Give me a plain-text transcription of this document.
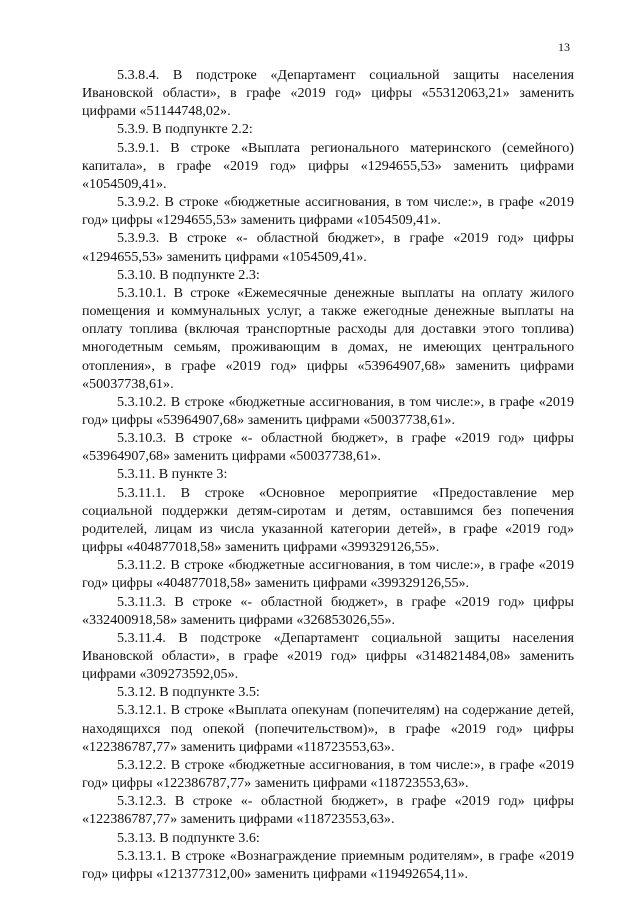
13

5.3.8.4. В подстроке «Департамент социальной защиты населения Ивановской области», в графе «2019 год» цифры «55312063,21» заменить цифрами «51144748,02».

5.3.9. В подпункте 2.2:

5.3.9.1. В строке «Выплата регионального материнского (семейного) капитала», в графе «2019 год» цифры «1294655,53» заменить цифрами «1054509,41».

5.3.9.2. В строке «бюджетные ассигнования, в том числе:», в графе «2019 год» цифры «1294655,53» заменить цифрами «1054509,41».

5.3.9.3. В строке «- областной бюджет», в графе «2019 год» цифры «1294655,53» заменить цифрами «1054509,41».

5.3.10. В подпункте 2.3:

5.3.10.1. В строке «Ежемесячные денежные выплаты на оплату жилого помещения и коммунальных услуг, а также ежегодные денежные выплаты на оплату топлива (включая транспортные расходы для доставки этого топлива) многодетным семьям, проживающим в домах, не имеющих центрального отопления», в графе «2019 год» цифры «53964907,68» заменить цифрами «50037738,61».

5.3.10.2. В строке «бюджетные ассигнования, в том числе:», в графе «2019 год» цифры «53964907,68» заменить цифрами «50037738,61».

5.3.10.3. В строке «- областной бюджет», в графе «2019 год» цифры «53964907,68» заменить цифрами «50037738,61».

5.3.11. В пункте 3:

5.3.11.1. В строке «Основное мероприятие «Предоставление мер социальной поддержки детям-сиротам и детям, оставшимся без попечения родителей, лицам из числа указанной категории детей», в графе «2019 год» цифры «404877018,58» заменить цифрами «399329126,55».

5.3.11.2. В строке «бюджетные ассигнования, в том числе:», в графе «2019 год» цифры «404877018,58» заменить цифрами «399329126,55».

5.3.11.3. В строке «- областной бюджет», в графе «2019 год» цифры «332400918,58» заменить цифрами «326853026,55».

5.3.11.4. В подстроке «Департамент социальной защиты населения Ивановской области», в графе «2019 год» цифры «314821484,08» заменить цифрами «309273592,05».

5.3.12. В подпункте 3.5:

5.3.12.1. В строке «Выплата опекунам (попечителям) на содержание детей, находящихся под опекой (попечительством)», в графе «2019 год» цифры «122386787,77» заменить цифрами «118723553,63».

5.3.12.2. В строке «бюджетные ассигнования, в том числе:», в графе «2019 год» цифры «122386787,77» заменить цифрами «118723553,63».

5.3.12.3. В строке «- областной бюджет», в графе «2019 год» цифры «122386787,77» заменить цифрами «118723553,63».

5.3.13. В подпункте 3.6:

5.3.13.1. В строке «Вознаграждение приемным родителям», в графе «2019 год» цифры «121377312,00» заменить цифрами «119492654,11».
